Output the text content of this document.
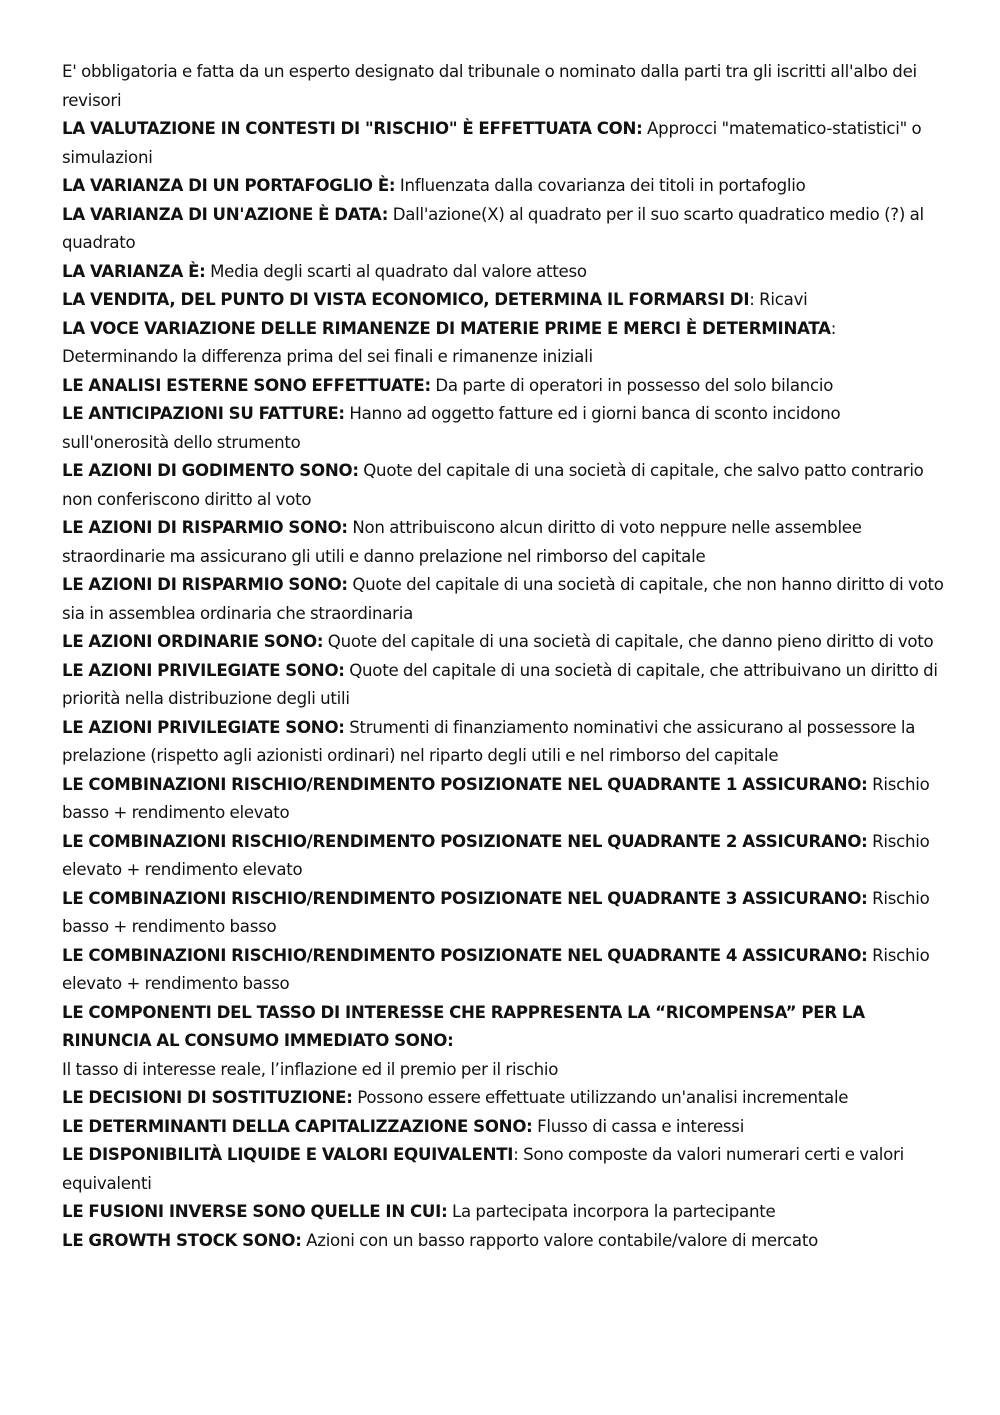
E' obbligatoria e fatta da un esperto designato dal tribunale o nominato dalla parti tra gli iscritti all'albo dei revisori

LA VALUTAZIONE IN CONTESTI DI "RISCHIO" È EFFETTUATA CON: Approcci "matematico-statistici" o simulazioni

LA VARIANZA DI UN PORTAFOGLIO È: Influenzata dalla covarianza dei titoli in portafoglio

LA VARIANZA DI UN'AZIONE È DATA: Dall'azione(X) al quadrato per il suo scarto quadratico medio (?) al quadrato

LA VARIANZA È: Media degli scarti al quadrato dal valore atteso

LA VENDITA, DEL PUNTO DI VISTA ECONOMICO, DETERMINA IL FORMARSI DI: Ricavi

LA VOCE VARIAZIONE DELLE RIMANENZE DI MATERIE PRIME E MERCI È DETERMINATA: Determinando la differenza prima del sei finali e rimanenze iniziali

LE ANALISI ESTERNE SONO EFFETTUATE: Da parte di operatori in possesso del solo bilancio

LE ANTICIPAZIONI SU FATTURE: Hanno ad oggetto fatture ed i giorni banca di sconto incidono sull'onerosità dello strumento

LE AZIONI DI GODIMENTO SONO: Quote del capitale di una società di capitale, che salvo patto contrario non conferiscono diritto al voto

LE AZIONI DI RISPARMIO SONO: Non attribuiscono alcun diritto di voto neppure nelle assemblee straordinarie ma assicurano gli utili e danno prelazione nel rimborso del capitale

LE AZIONI DI RISPARMIO SONO: Quote del capitale di una società di capitale, che non hanno diritto di voto sia in assemblea ordinaria che straordinaria

LE AZIONI ORDINARIE SONO: Quote del capitale di una società di capitale, che danno pieno diritto di voto

LE AZIONI PRIVILEGIATE SONO: Quote del capitale di una società di capitale, che attribuivano un diritto di priorità nella distribuzione degli utili

LE AZIONI PRIVILEGIATE SONO: Strumenti di finanziamento nominativi che assicurano al possessore la prelazione (rispetto agli azionisti ordinari) nel riparto degli utili e nel rimborso del capitale

LE COMBINAZIONI RISCHIO/RENDIMENTO POSIZIONATE NEL QUADRANTE 1 ASSICURANO: Rischio basso + rendimento elevato

LE COMBINAZIONI RISCHIO/RENDIMENTO POSIZIONATE NEL QUADRANTE 2 ASSICURANO: Rischio elevato + rendimento elevato

LE COMBINAZIONI RISCHIO/RENDIMENTO POSIZIONATE NEL QUADRANTE 3 ASSICURANO: Rischio basso + rendimento basso

LE COMBINAZIONI RISCHIO/RENDIMENTO POSIZIONATE NEL QUADRANTE 4 ASSICURANO: Rischio elevato + rendimento basso

LE COMPONENTI DEL TASSO DI INTERESSE CHE RAPPRESENTA LA “RICOMPENSA” PER LA RINUNCIA AL CONSUMO IMMEDIATO SONO:
Il tasso di interesse reale, l’inflazione ed il premio per il rischio

LE DECISIONI DI SOSTITUZIONE: Possono essere effettuate utilizzando un'analisi incrementale

LE DETERMINANTI DELLA CAPITALIZZAZIONE SONO: Flusso di cassa e interessi

LE DISPONIBILITÀ LIQUIDE E VALORI EQUIVALENTI: Sono composte da valori numerari certi e valori equivalenti

LE FUSIONI INVERSE SONO QUELLE IN CUI: La partecipata incorpora la partecipante

LE GROWTH STOCK SONO: Azioni con un basso rapporto valore contabile/valore di mercato
